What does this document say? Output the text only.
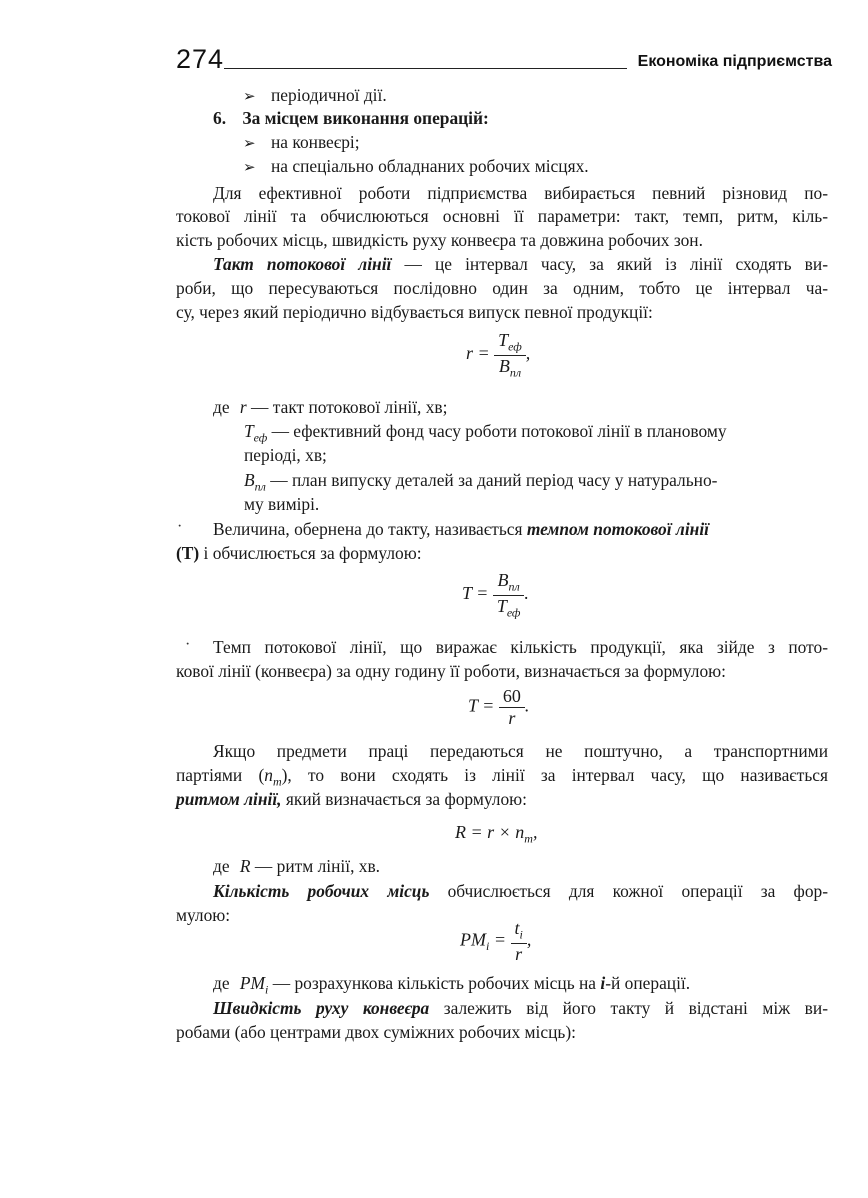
274	Економіка підприємства
➢ періодичної дії.
6. За місцем виконання операцій:
➢ на конвеєрі;
➢ на спеціально обладнаних робочих місцях.
Для ефективної роботи підприємства вибирається певний різновид по-
токової лінії та обчислюються основні її параметри: такт, темп, ритм, кіль-
кість робочих місць, швидкість руху конвеєра та довжина робочих зон.
Такт потокової лінії — це інтервал часу, за який із лінії сходять ви-
роби, що пересуваються послідовно один за одним, тобто це інтервал ча-
су, через який періодично відбувається випуск певної продукції:
$r = \frac{T_{еф}}{B_{пл}}$ ,
де r — такт потокової лінії, хв;
$T_{еф}$ — ефективний фонд часу роботи потокової лінії в плановому
періоді, хв;
$B_{пл}$ — план випуску деталей за даний період часу у натурально-
му вимірі.
· Величина, обернена до такту, називається темпом потокової лінії
(T) і обчислюється за формулою:
$T = \frac{B_{пл}}{T_{еф}}$ .
· Темп потокової лінії, що виражає кількість продукції, яка зійде з пото-
кової лінії (конвеєра) за одну годину її роботи, визначається за формулою:
$T = \frac{60}{r}$ .
Якщо предмети праці передаються не поштучно, а транспортними
партіями $(n_m)$, то вони сходять із лінії за інтервал часу, що називається
ритмом лінії, який визначається за формулою:
$R = r \times n_m$,
де R — ритм лінії, хв.
Кількість робочих місць обчислюється для кожної операції за фор-
мулою:
$PM_i = \frac{t_i}{r}$ ,
де $PM_i$ — розрахункова кількість робочих місць на i-й операції.
Швидкість руху конвеєра залежить від його такту й відстані між ви-
робами (або центрами двох суміжних робочих місць):
